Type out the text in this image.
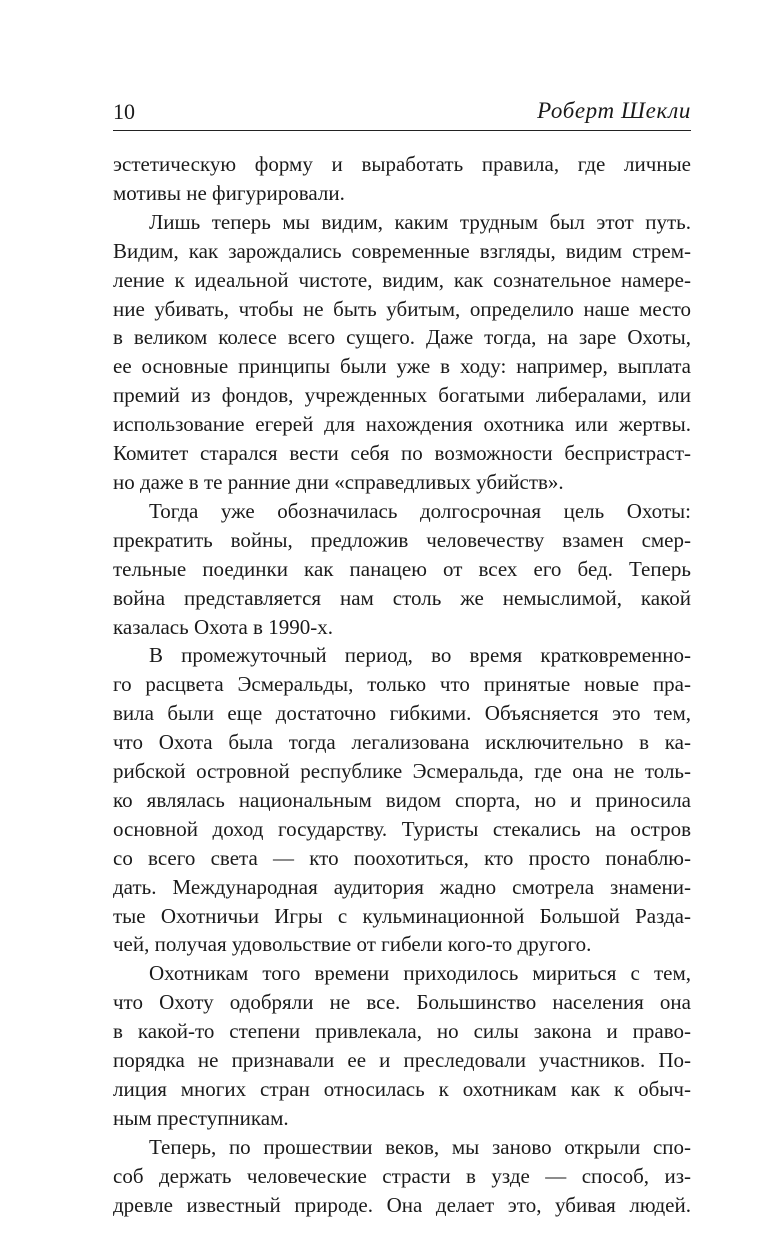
10	Роберт Шекли

эстетическую форму и выработать правила, где личные

мотивы не фигурировали.

Лишь теперь мы видим, каким трудным был этот путь.

Видим, как зарождались современные взгляды, видим стрем-

ление к идеальной чистоте, видим, как сознательное намере-

ние убивать, чтобы не быть убитым, определило наше место

в великом колесе всего сущего. Даже тогда, на заре Охоты,

ее основные принципы были уже в ходу: например, выплата

премий из фондов, учрежденных богатыми либералами, или

использование егерей для нахождения охотника или жертвы.

Комитет старался вести себя по возможности беспристраст-

но даже в те ранние дни «справедливых убийств».

Тогда уже обозначилась долгосрочная цель Охоты:

прекратить войны, предложив человечеству взамен смер-

тельные поединки как панацею от всех его бед. Теперь

война представляется нам столь же немыслимой, какой

казалась Охота в 1990-х.

В промежуточный период, во время кратковременно-

го расцвета Эсмеральды, только что принятые новые пра-

вила были еще достаточно гибкими. Объясняется это тем,

что Охота была тогда легализована исключительно в ка-

рибской островной республике Эсмеральда, где она не толь-

ко являлась национальным видом спорта, но и приносила

основной доход государству. Туристы стекались на остров

со всего света — кто поохотиться, кто просто понаблю-

дать. Международная аудитория жадно смотрела знамени-

тые Охотничьи Игры с кульминационной Большой Разда-

чей, получая удовольствие от гибели кого-то другого.

Охотникам того времени приходилось мириться с тем,

что Охоту одобряли не все. Большинство населения она

в какой-то степени привлекала, но силы закона и право-

порядка не признавали ее и преследовали участников. По-

лиция многих стран относилась к охотникам как к обыч-

ным преступникам.

Теперь, по прошествии веков, мы заново открыли спо-

соб держать человеческие страсти в узде — способ, из-

древле известный природе. Она делает это, убивая людей.
